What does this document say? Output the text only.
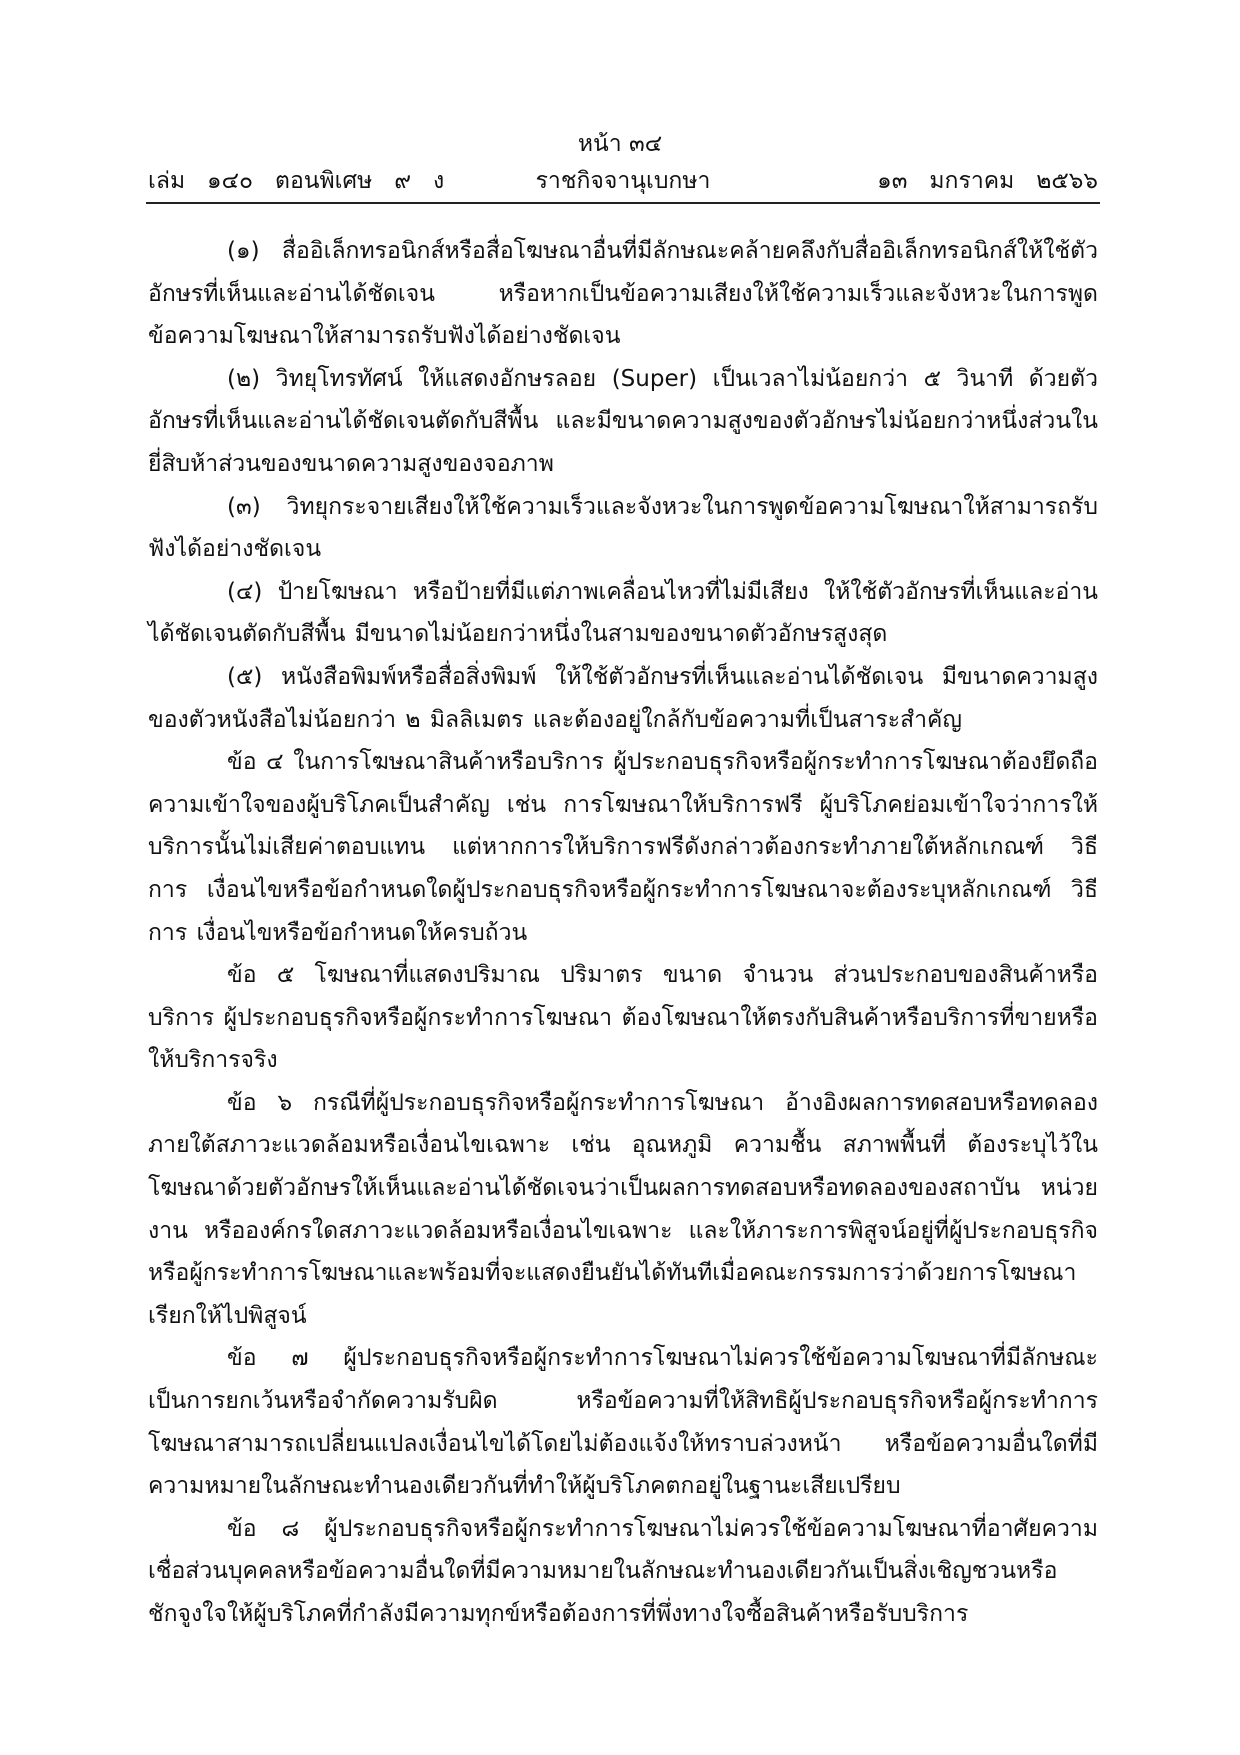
หน้า ๓๔
ราชกิจจานุเบกษา
เล่ม   ๑๔๐   ตอนพิเศษ   ๙   ง	๑๓   มกราคม   ๒๕๖๖

(๑) สื่ออิเล็กทรอนิกส์หรือสื่อโฆษณาอื่นที่มีลักษณะคล้ายคลึงกับสื่ออิเล็กทรอนิกส์ให้ใช้ตัวอักษรที่เห็นและอ่านได้ชัดเจน หรือหากเป็นข้อความเสียงให้ใช้ความเร็วและจังหวะในการพูดข้อความโฆษณาให้สามารถรับฟังได้อย่างชัดเจน

(๒) วิทยุโทรทัศน์ ให้แสดงอักษรลอย (Super) เป็นเวลาไม่น้อยกว่า ๕ วินาที ด้วยตัวอักษรที่เห็นและอ่านได้ชัดเจนตัดกับสีพื้น และมีขนาดความสูงของตัวอักษรไม่น้อยกว่าหนึ่งส่วนในยี่สิบห้าส่วนของขนาดความสูงของจอภาพ

(๓) วิทยุกระจายเสียงให้ใช้ความเร็วและจังหวะในการพูดข้อความโฆษณาให้สามารถรับฟังได้อย่างชัดเจน

(๔) ป้ายโฆษณา หรือป้ายที่มีแต่ภาพเคลื่อนไหวที่ไม่มีเสียง ให้ใช้ตัวอักษรที่เห็นและอ่านได้ชัดเจนตัดกับสีพื้น มีขนาดไม่น้อยกว่าหนึ่งในสามของขนาดตัวอักษรสูงสุด

(๕) หนังสือพิมพ์หรือสื่อสิ่งพิมพ์ ให้ใช้ตัวอักษรที่เห็นและอ่านได้ชัดเจน มีขนาดความสูงของตัวหนังสือไม่น้อยกว่า ๒ มิลลิเมตร และต้องอยู่ใกล้กับข้อความที่เป็นสาระสำคัญ

ข้อ ๔ ในการโฆษณาสินค้าหรือบริการ ผู้ประกอบธุรกิจหรือผู้กระทำการโฆษณาต้องยึดถือความเข้าใจของผู้บริโภคเป็นสำคัญ เช่น การโฆษณาให้บริการฟรี ผู้บริโภคย่อมเข้าใจว่าการให้บริการนั้นไม่เสียค่าตอบแทน แต่หากการให้บริการฟรีดังกล่าวต้องกระทำภายใต้หลักเกณฑ์ วิธีการ เงื่อนไขหรือข้อกำหนดใดผู้ประกอบธุรกิจหรือผู้กระทำการโฆษณาจะต้องระบุหลักเกณฑ์ วิธีการ เงื่อนไขหรือข้อกำหนดให้ครบถ้วน

ข้อ ๕ โฆษณาที่แสดงปริมาณ ปริมาตร ขนาด จำนวน ส่วนประกอบของสินค้าหรือบริการ ผู้ประกอบธุรกิจหรือผู้กระทำการโฆษณา ต้องโฆษณาให้ตรงกับสินค้าหรือบริการที่ขายหรือให้บริการจริง

ข้อ ๖ กรณีที่ผู้ประกอบธุรกิจหรือผู้กระทำการโฆษณา อ้างอิงผลการทดสอบหรือทดลองภายใต้สภาวะแวดล้อมหรือเงื่อนไขเฉพาะ เช่น อุณหภูมิ ความชื้น สภาพพื้นที่ ต้องระบุไว้ในโฆษณาด้วยตัวอักษรให้เห็นและอ่านได้ชัดเจนว่าเป็นผลการทดสอบหรือทดลองของสถาบัน หน่วยงาน หรือองค์กรใดสภาวะแวดล้อมหรือเงื่อนไขเฉพาะ และให้ภาระการพิสูจน์อยู่ที่ผู้ประกอบธุรกิจหรือผู้กระทำการโฆษณาและพร้อมที่จะแสดงยืนยันได้ทันทีเมื่อคณะกรรมการว่าด้วยการโฆษณาเรียกให้ไปพิสูจน์

ข้อ ๗ ผู้ประกอบธุรกิจหรือผู้กระทำการโฆษณาไม่ควรใช้ข้อความโฆษณาที่มีลักษณะเป็นการยกเว้นหรือจำกัดความรับผิด หรือข้อความที่ให้สิทธิผู้ประกอบธุรกิจหรือผู้กระทำการโฆษณาสามารถเปลี่ยนแปลงเงื่อนไขได้โดยไม่ต้องแจ้งให้ทราบล่วงหน้า หรือข้อความอื่นใดที่มีความหมายในลักษณะทำนองเดียวกันที่ทำให้ผู้บริโภคตกอยู่ในฐานะเสียเปรียบ

ข้อ ๘ ผู้ประกอบธุรกิจหรือผู้กระทำการโฆษณาไม่ควรใช้ข้อความโฆษณาที่อาศัยความเชื่อส่วนบุคคลหรือข้อความอื่นใดที่มีความหมายในลักษณะทำนองเดียวกันเป็นสิ่งเชิญชวนหรือชักจูงใจให้ผู้บริโภคที่กำลังมีความทุกข์หรือต้องการที่พึ่งทางใจซื้อสินค้าหรือรับบริการ
